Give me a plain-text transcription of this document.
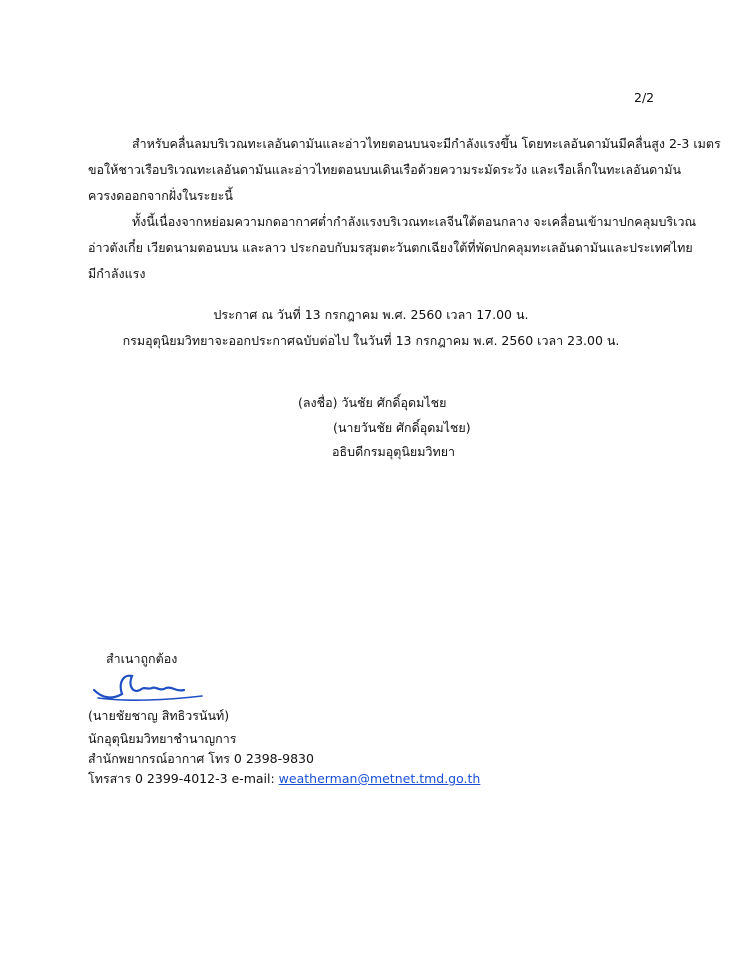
2/2
สำหรับคลื่นลมบริเวณทะเลอันดามันและอ่าวไทยตอนบนจะมีกำลังแรงขึ้น โดยทะเลอันดามันมีคลื่นสูง 2-3 เมตร
ขอให้ชาวเรือบริเวณทะเลอันดามันและอ่าวไทยตอนบนเดินเรือด้วยความระมัดระวัง และเรือเล็กในทะเลอันดามัน
ควรงดออกจากฝั่งในระยะนี้
ทั้งนี้เนื่องจากหย่อมความกดอากาศต่ำกำลังแรงบริเวณทะเลจีนใต้ตอนกลาง จะเคลื่อนเข้ามาปกคลุมบริเวณ
อ่าวตังเกี๋ย เวียดนามตอนบน และลาว ประกอบกับมรสุมตะวันตกเฉียงใต้ที่พัดปกคลุมทะเลอันดามันและประเทศไทย
มีกำลังแรง
ประกาศ ณ วันที่ 13 กรกฎาคม พ.ศ. 2560 เวลา 17.00 น.
กรมอุตุนิยมวิทยาจะออกประกาศฉบับต่อไป ในวันที่ 13 กรกฎาคม พ.ศ. 2560 เวลา 23.00 น.
(ลงชื่อ) วันชัย ศักดิ์อุดมไชย
(นายวันชัย ศักดิ์อุดมไชย)
อธิบดีกรมอุตุนิยมวิทยา
สำเนาถูกต้อง
(นายชัยชาญ สิทธิวรนันท์)
นักอุตุนิยมวิทยาชำนาญการ
สำนักพยากรณ์อากาศ โทร 0 2398-9830
โทรสาร 0 2399-4012-3 e-mail: weatherman@metnet.tmd.go.th
